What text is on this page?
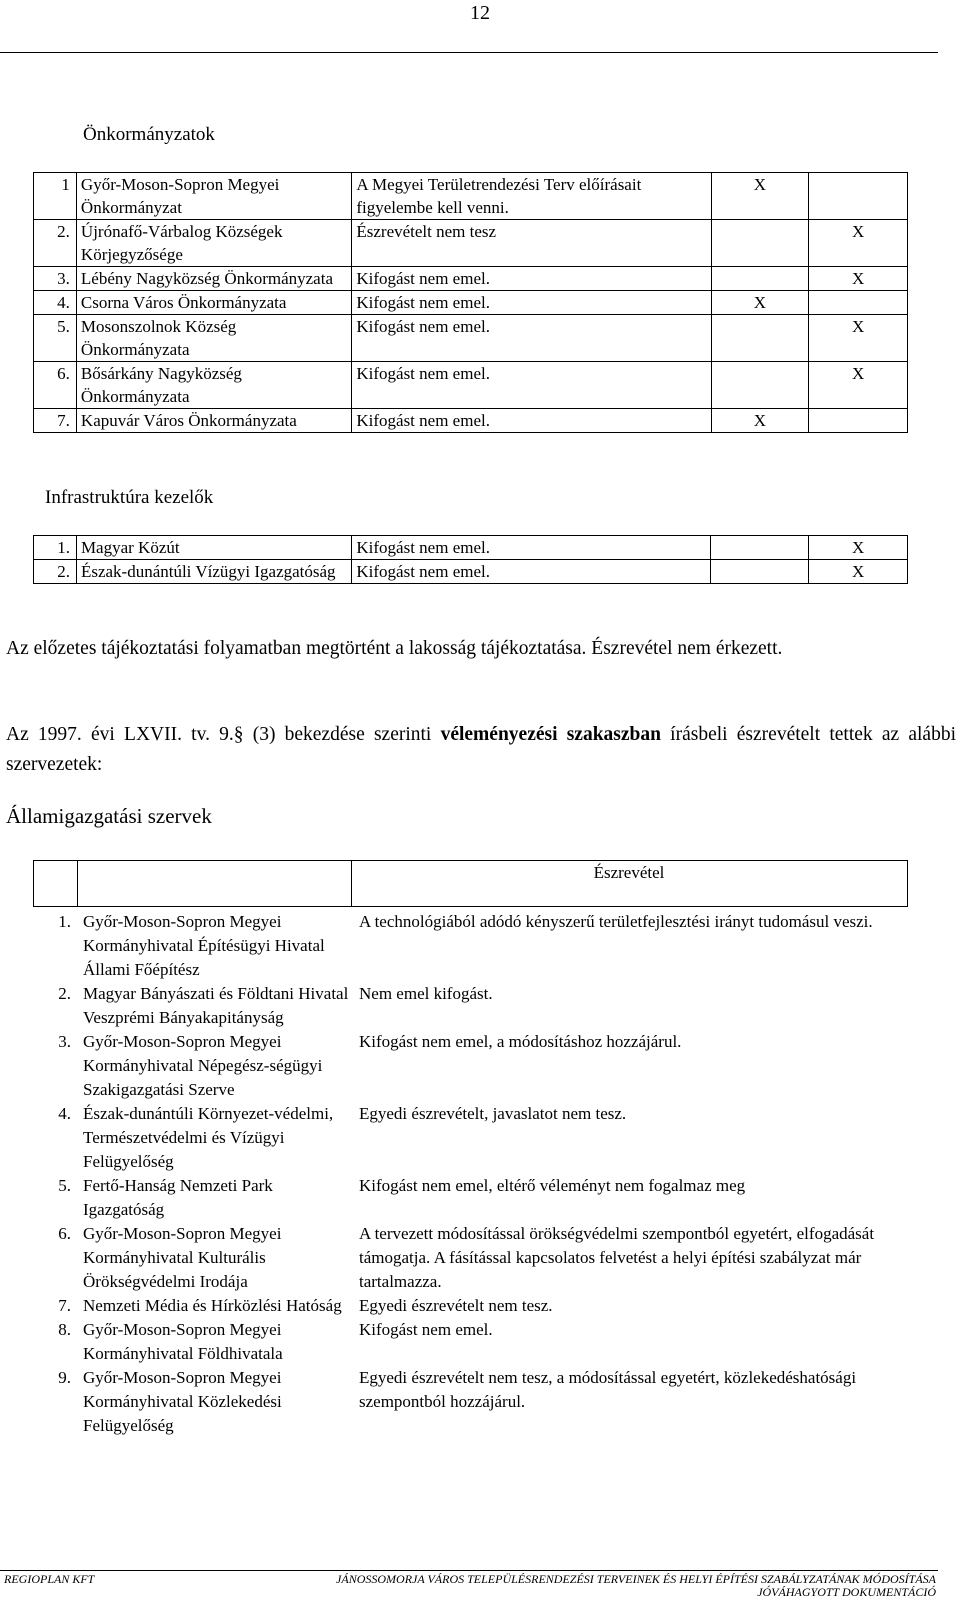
12
Önkormányzatok
1	Győr-Moson-Sopron Megyei Önkormányzat	A Megyei Területrendezési Terv előírásait figyelembe kell venni.	X	
2.	Újrónafő-Várbalog Községek Körjegyzősége	Észrevételt nem tesz		X
3.	Lébény Nagyközség Önkormányzata	Kifogást nem emel.		X
4.	Csorna Város Önkormányzata	Kifogást nem emel.	X	
5.	Mosonszolnok Község Önkormányzata	Kifogást nem emel.		X
6.	Bősárkány Nagyközség Önkormányzata	Kifogást nem emel.		X
7.	Kapuvár Város Önkormányzata	Kifogást nem emel.	X	
Infrastruktúra kezelők
1.	Magyar Közút	Kifogást nem emel.		X
2.	Észak-dunántúli Vízügyi Igazgatóság	Kifogást nem emel.		X
Az előzetes tájékoztatási folyamatban megtörtént a lakosság tájékoztatása. Észrevétel nem érkezett.
Az 1997. évi LXVII. tv. 9.§ (3) bekezdése szerinti véleményezési szakaszban írásbeli észrevételt tettek az alábbi szervezetek:
Államigazgatási szervek
Észrevétel
1.	Győr-Moson-Sopron Megyei Kormányhivatal Építésügyi Hivatal Állami Főépítész	A technológiából adódó kényszerű területfejlesztési irányt tudomásul veszi.
2.	Magyar Bányászati és Földtani Hivatal Veszprémi Bányakapitányság	Nem emel kifogást.
3.	Győr-Moson-Sopron Megyei Kormányhivatal Népegész-ségügyi Szakigazgatási Szerve	Kifogást nem emel, a módosításhoz hozzájárul.
4.	Észak-dunántúli Környezet-védelmi, Természetvédelmi és Vízügyi Felügyelőség	Egyedi észrevételt, javaslatot nem tesz.
5.	Fertő-Hanság Nemzeti Park Igazgatóság	Kifogást nem emel, eltérő véleményt nem fogalmaz meg
6.	Győr-Moson-Sopron Megyei Kormányhivatal Kulturális Örökségvédelmi Irodája	A tervezett módosítással örökségvédelmi szempontból egyetért, elfogadását támogatja. A fásítással kapcsolatos felvetést a helyi építési szabályzat már tartalmazza.
7.	Nemzeti Média és Hírközlési Hatóság	Egyedi észrevételt nem tesz.
8.	Győr-Moson-Sopron Megyei Kormányhivatal Földhivatala	Kifogást nem emel.
9.	Győr-Moson-Sopron Megyei Kormányhivatal Közlekedési Felügyelőség	Egyedi észrevételt nem tesz, a módosítással egyetért, közlekedéshatósági szempontból hozzájárul.
REGIOPLAN KFT	JÁNOSSOMORJA VÁROS TELEPÜLÉSRENDEZÉSI TERVEINEK ÉS HELYI ÉPÍTÉSI SZABÁLYZATÁNAK MÓDOSÍTÁSA
JÓVÁHAGYOTT DOKUMENTÁCIÓ
